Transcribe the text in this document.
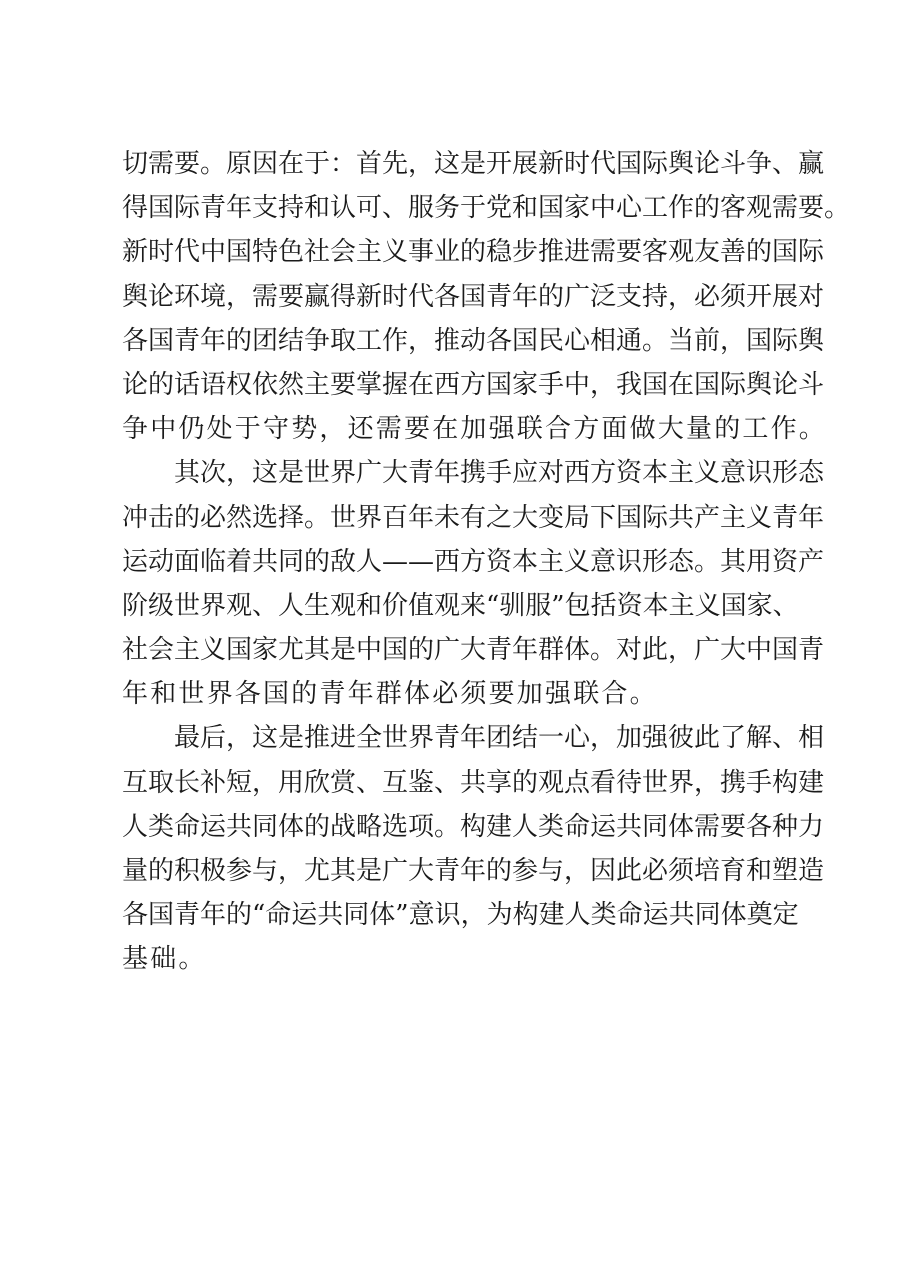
切需要。原因在于：首先，这是开展新时代国际舆论斗争、赢

得国际青年支持和认可、服务于党和国家中心工作的客观需要。

新时代中国特色社会主义事业的稳步推进需要客观友善的国际

舆论环境，需要赢得新时代各国青年的广泛支持，必须开展对

各国青年的团结争取工作，推动各国民心相通。当前，国际舆

论的话语权依然主要掌握在西方国家手中，我国在国际舆论斗

争中仍处于守势，还需要在加强联合方面做大量的工作。

　　其次，这是世界广大青年携手应对西方资本主义意识形态

冲击的必然选择。世界百年未有之大变局下国际共产主义青年

运动面临着共同的敌人——西方资本主义意识形态。其用资产

阶级世界观、人生观和价值观来“驯服”包括资本主义国家、

社会主义国家尤其是中国的广大青年群体。对此，广大中国青

年和世界各国的青年群体必须要加强联合。

　　最后，这是推进全世界青年团结一心，加强彼此了解、相

互取长补短，用欣赏、互鉴、共享的观点看待世界，携手构建

人类命运共同体的战略选项。构建人类命运共同体需要各种力

量的积极参与，尤其是广大青年的参与，因此必须培育和塑造

各国青年的“命运共同体”意识，为构建人类命运共同体奠定

基础。
